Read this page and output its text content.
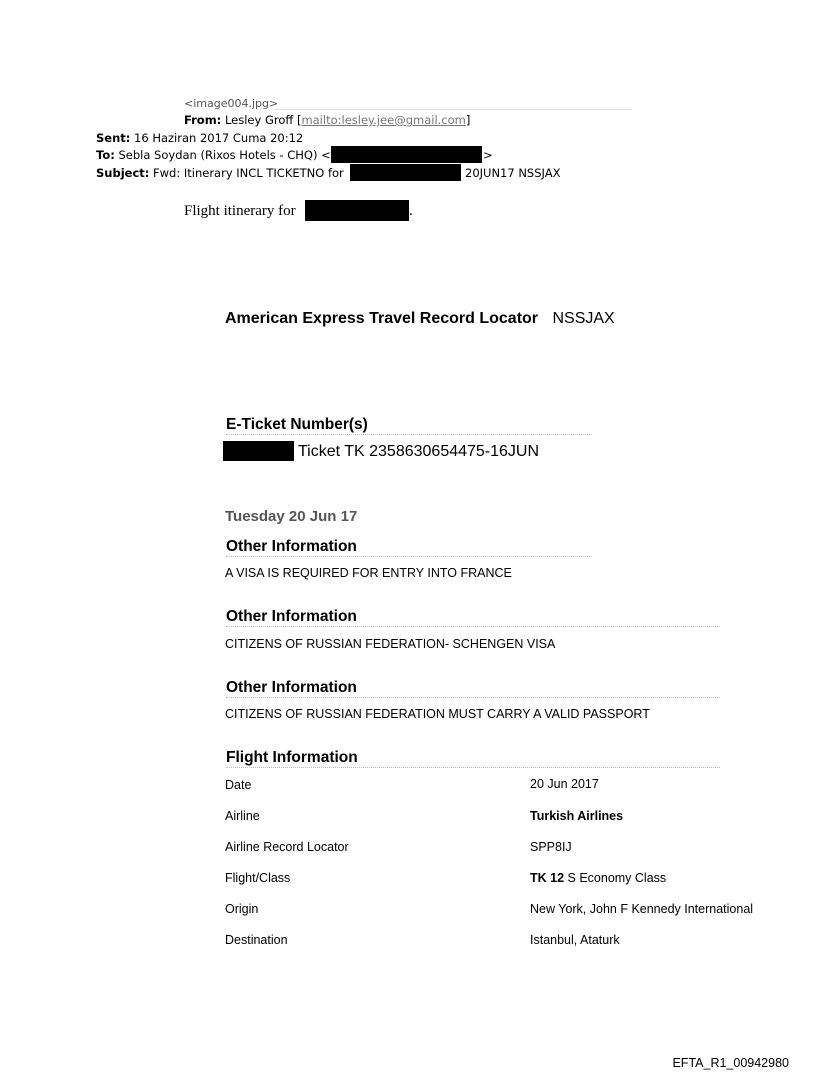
<image004.jpg>
From: Lesley Groff [mailto:lesley.jee@gmail.com]
Sent: 16 Haziran 2017 Cuma 20:12
To: Sebla Soydan (Rixos Hotels - CHQ) <	>
Subject: Fwd: Itinerary INCL TICKETNO for	20JUN17 NSSJAX
Flight itinerary for	.
American Express Travel Record Locator NSSJAX
E-Ticket Number(s)
Ticket TK 2358630654475-16JUN
Tuesday 20 Jun 17
Other Information
A VISA IS REQUIRED FOR ENTRY INTO FRANCE
Other Information
CITIZENS OF RUSSIAN FEDERATION- SCHENGEN VISA
Other Information
CITIZENS OF RUSSIAN FEDERATION MUST CARRY A VALID PASSPORT
Flight Information
Date	20 Jun 2017
Airline	Turkish Airlines
Airline Record Locator	SPP8IJ
Flight/Class	TK 12 S Economy Class
Origin	New York, John F Kennedy International
Destination	Istanbul, Ataturk
EFTA_R1_00942980
